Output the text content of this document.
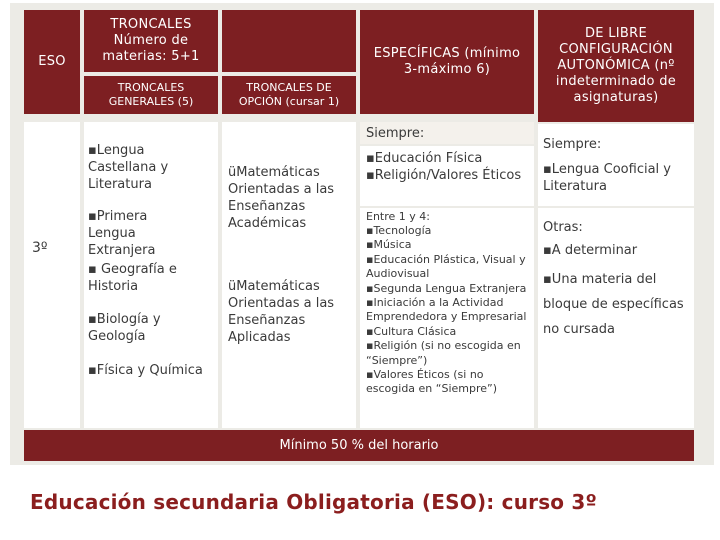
ESO
TRONCALES
Número de materias: 5+1
TRONCALES GENERALES (5)
TRONCALES DE OPCIÓN (cursar 1)
ESPECÍFICAS (mínimo 3-máximo 6)
DE LIBRE CONFIGURACIÓN AUTONÓMICA (nº indeterminado de asignaturas)
3º
▪Lengua Castellana y Literatura
▪Primera Lengua Extranjera
▪ Geografía e Historia
▪Biología y Geología
▪Física y Química
üMatemáticas Orientadas a las Enseñanzas Académicas
üMatemáticas Orientadas a las Enseñanzas Aplicadas
Siempre:
▪Educación Física
▪Religión/Valores Éticos
Entre 1 y 4:
▪Tecnología
▪Música
▪Educación Plástica, Visual y Audiovisual
▪Segunda Lengua Extranjera
▪Iniciación a la Actividad Emprendedora y Empresarial
▪Cultura Clásica
▪Religión (si no escogida en “Siempre”)
▪Valores Éticos (si no escogida en “Siempre”)
Siempre:
▪Lengua Cooficial y Literatura
Otras:
▪A determinar
▪Una materia del bloque de específicas no cursada
Mínimo 50 % del horario
Educación secundaria Obligatoria (ESO): curso 3º
